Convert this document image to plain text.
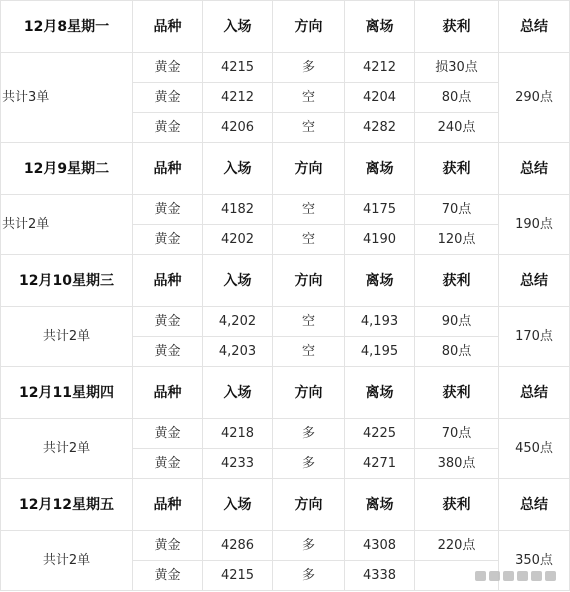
12月8星期一	品种	入场	方向	离场	获利	总结
共计3单	黄金	4215	多	4212	损30点	290点
	黄金	4212	空	4204	80点	
	黄金	4206	空	4282	240点	
12月9星期二	品种	入场	方向	离场	获利	总结
共计2单	黄金	4182	空	4175	70点	190点
	黄金	4202	空	4190	120点	
12月10星期三	品种	入场	方向	离场	获利	总结
共计2单	黄金	4,202	空	4,193	90点	170点
	黄金	4,203	空	4,195	80点	
12月11星期四	品种	入场	方向	离场	获利	总结
共计2单	黄金	4218	多	4225	70点	450点
	黄金	4233	多	4271	380点	
12月12星期五	品种	入场	方向	离场	获利	总结
共计2单	黄金	4286	多	4308	220点	350点
	黄金	4215	多	4338		
